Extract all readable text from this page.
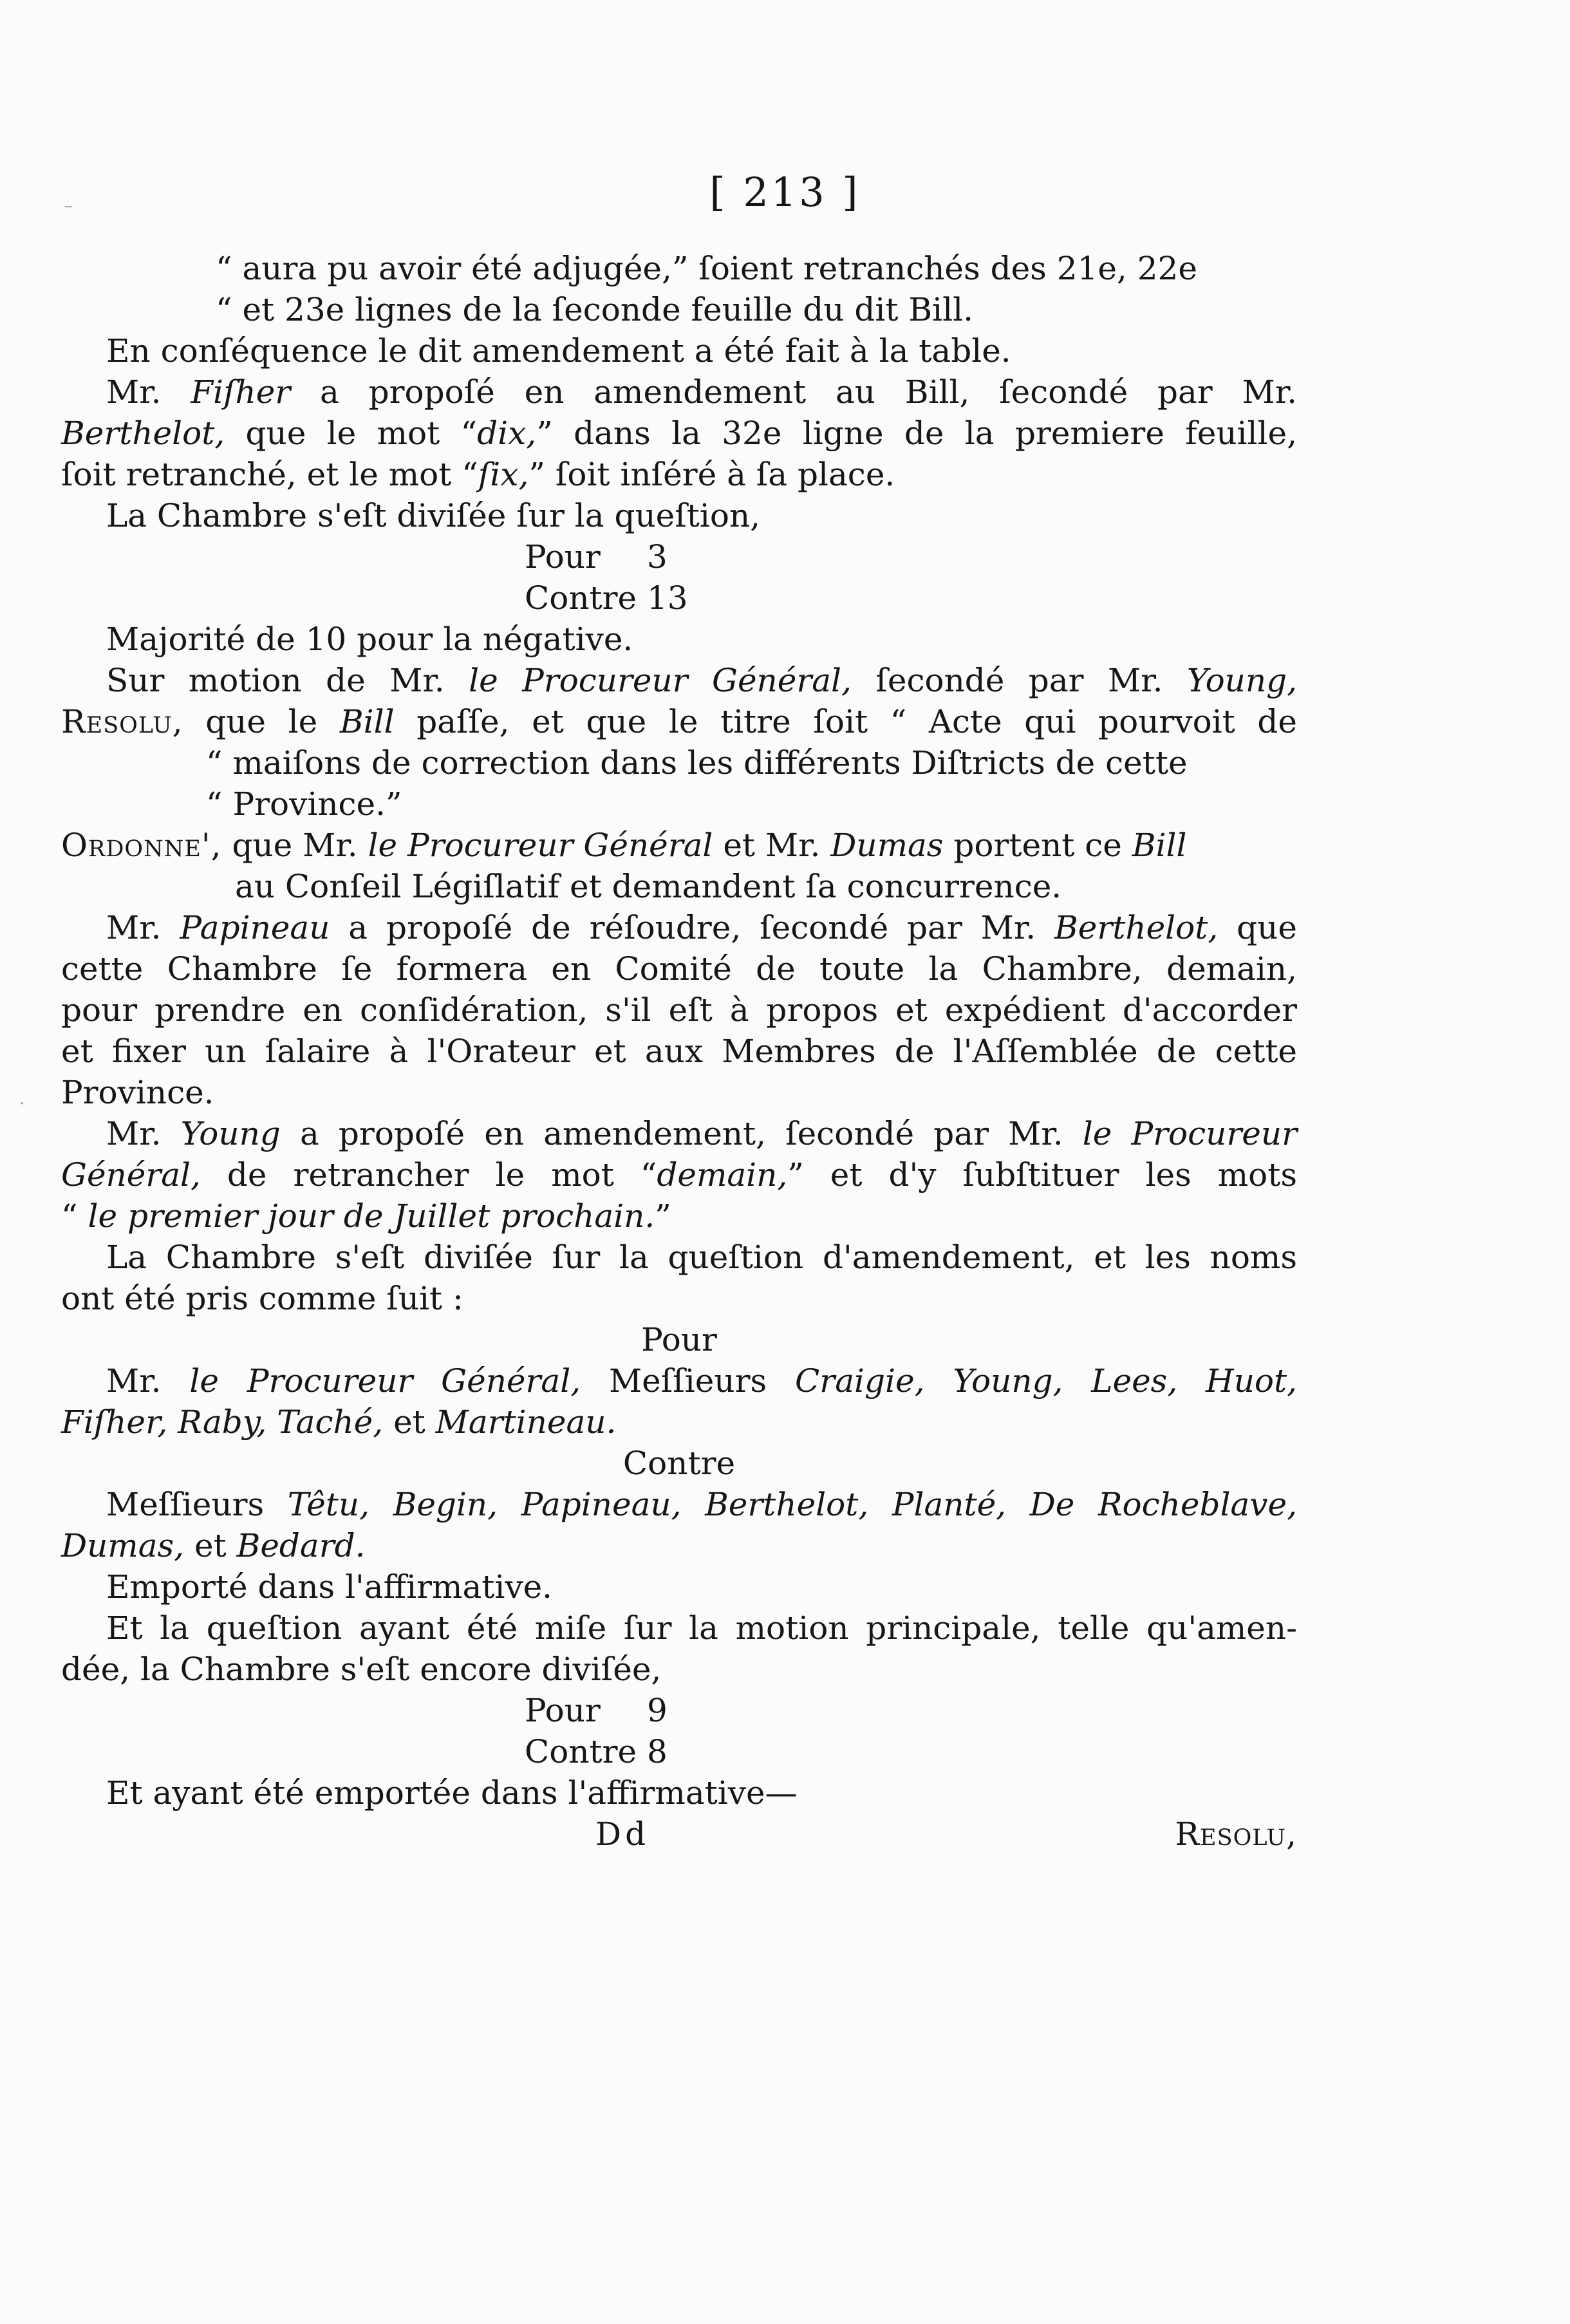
[ 213 ]
–
·
“ aura pu avoir été adjugée,” ſoient retranchés des 21e, 22e
“ et 23e lignes de la ſeconde feuille du dit Bill.
En conſéquence le dit amendement a été fait à la table.
Mr. Fiſher a propoſé en amendement au Bill, ſecondé par Mr.
Berthelot, que le mot “dix,” dans la 32e ligne de la premiere feuille,
ſoit retranché, et le mot “ſix,” ſoit inſéré à ſa place.
La Chambre s'eſt diviſée ſur la queſtion,
Pour 3
Contre 13
Majorité de 10 pour la négative.
Sur motion de Mr. le Procureur Général, ſecondé par Mr. Young,
Resolu, que le Bill paſſe, et que le titre ſoit “ Acte qui pourvoit de
“ maiſons de correction dans les différents Diſtricts de cette
“ Province.”
Ordonne', que Mr. le Procureur Général et Mr. Dumas portent ce Bill
au Conſeil Légiſlatif et demandent ſa concurrence.
Mr. Papineau a propoſé de réſoudre, ſecondé par Mr. Berthelot, que
cette Chambre ſe formera en Comité de toute la Chambre, demain,
pour prendre en conſidération, s'il eſt à propos et expédient d'accorder
et fixer un ſalaire à l'Orateur et aux Membres de l'Aſſemblée de cette
Province.
Mr. Young a propoſé en amendement, ſecondé par Mr. le Procureur
Général, de retrancher le mot “demain,” et d'y ſubſtituer les mots
“ le premier jour de Juillet prochain.”
La Chambre s'eſt diviſée ſur la queſtion d'amendement, et les noms
ont été pris comme ſuit :
Pour
Mr. le Procureur Général, Meſſieurs Craigie, Young, Lees, Huot,
Fiſher, Raby, Taché, et Martineau.
Contre
Meſſieurs Têtu, Begin, Papineau, Berthelot, Planté, De Rocheblave,
Dumas, et Bedard.
Emporté dans l'affirmative.
Et la queſtion ayant été miſe ſur la motion principale, telle qu'amen-
dée, la Chambre s'eſt encore diviſée,
Pour 9
Contre 8
Et ayant été emportée dans l'affirmative—
Dd	Resolu,
